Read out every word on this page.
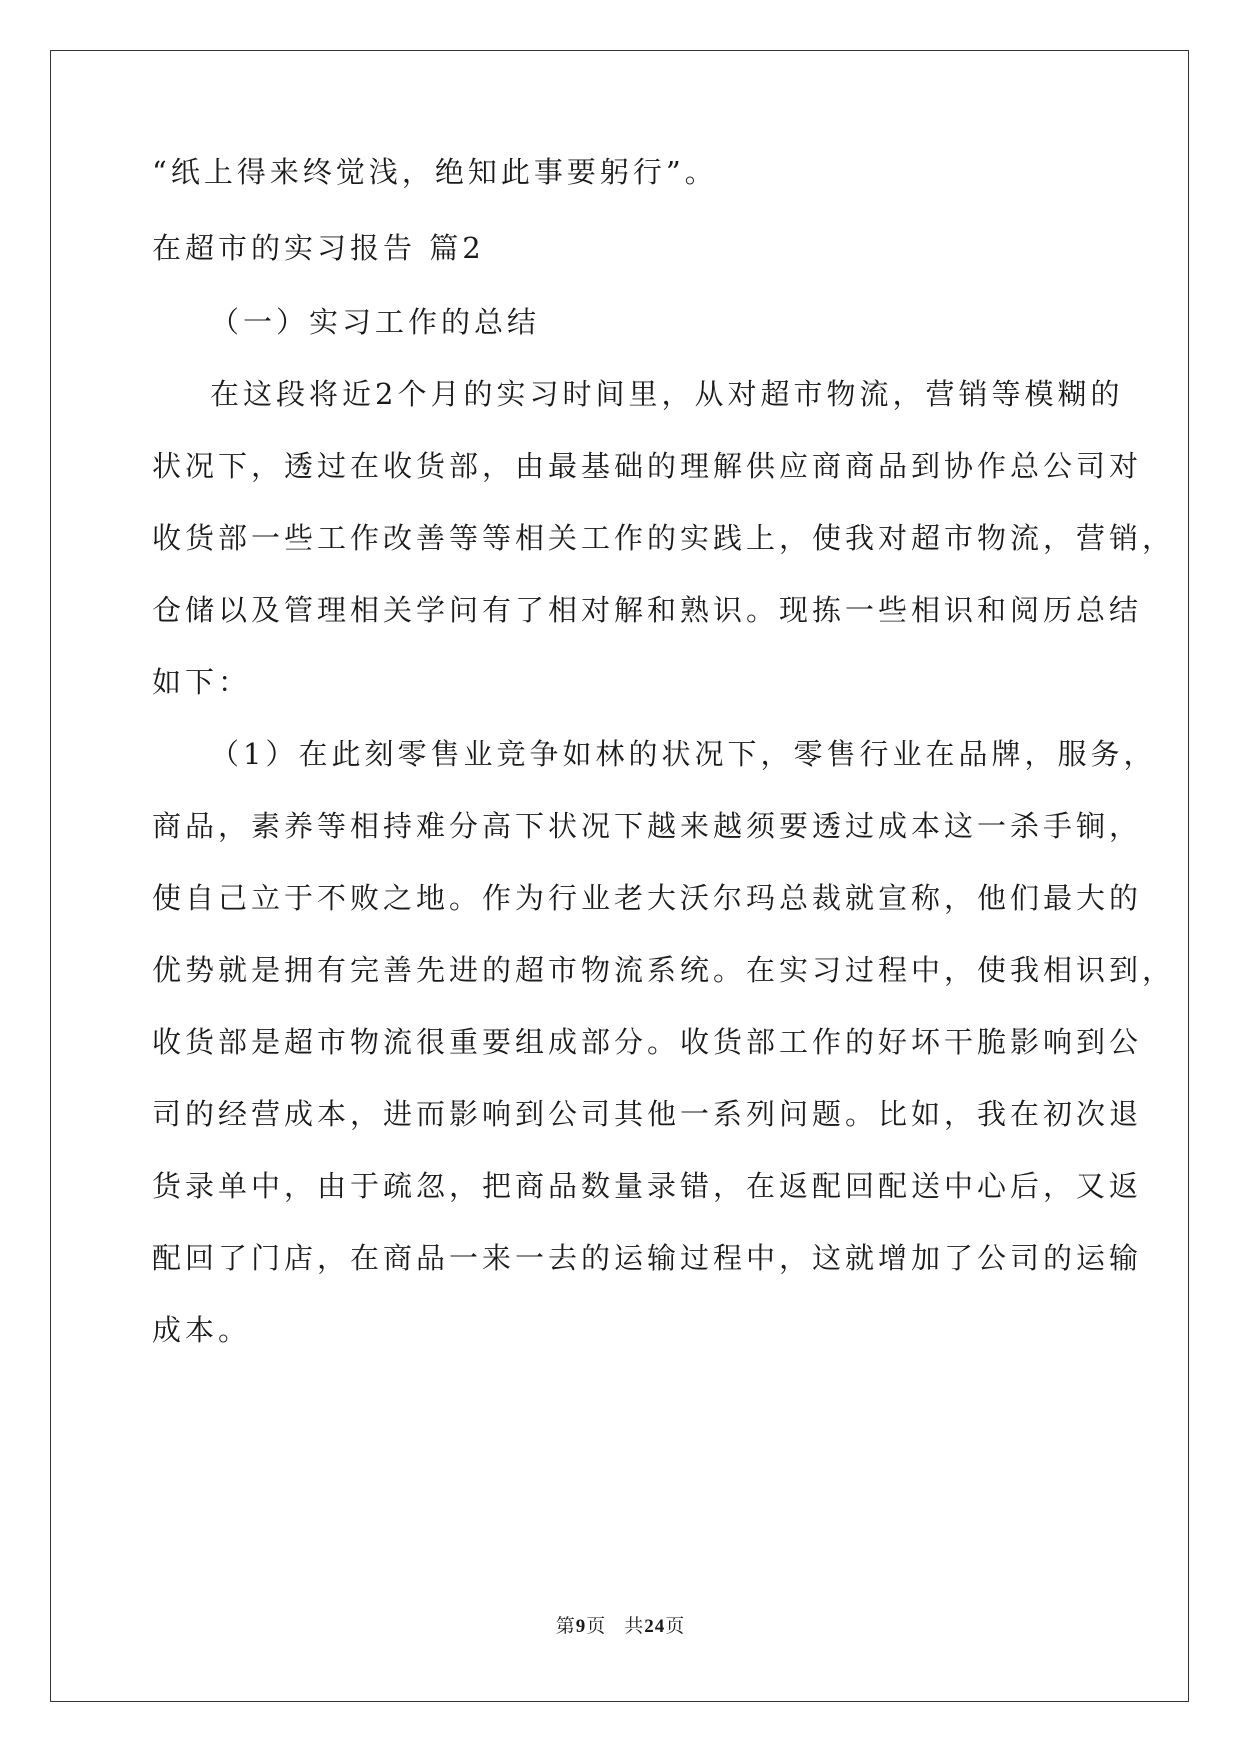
“纸上得来终觉浅，绝知此事要躬行”。
在超市的实习报告 篇2
（一）实习工作的总结
在这段将近2个月的实习时间里，从对超市物流，营销等模糊的
状况下，透过在收货部，由最基础的理解供应商商品到协作总公司对
收货部一些工作改善等等相关工作的实践上，使我对超市物流，营销，
仓储以及管理相关学问有了相对解和熟识。现拣一些相识和阅历总结
如下：
（1）在此刻零售业竞争如林的状况下，零售行业在品牌，服务，
商品，素养等相持难分高下状况下越来越须要透过成本这一杀手锏，
使自己立于不败之地。作为行业老大沃尔玛总裁就宣称，他们最大的
优势就是拥有完善先进的超市物流系统。在实习过程中，使我相识到，
收货部是超市物流很重要组成部分。收货部工作的好坏干脆影响到公
司的经营成本，进而影响到公司其他一系列问题。比如，我在初次退
货录单中，由于疏忽，把商品数量录错，在返配回配送中心后，又返
配回了门店，在商品一来一去的运输过程中，这就增加了公司的运输
成本。
第9页 共24页
